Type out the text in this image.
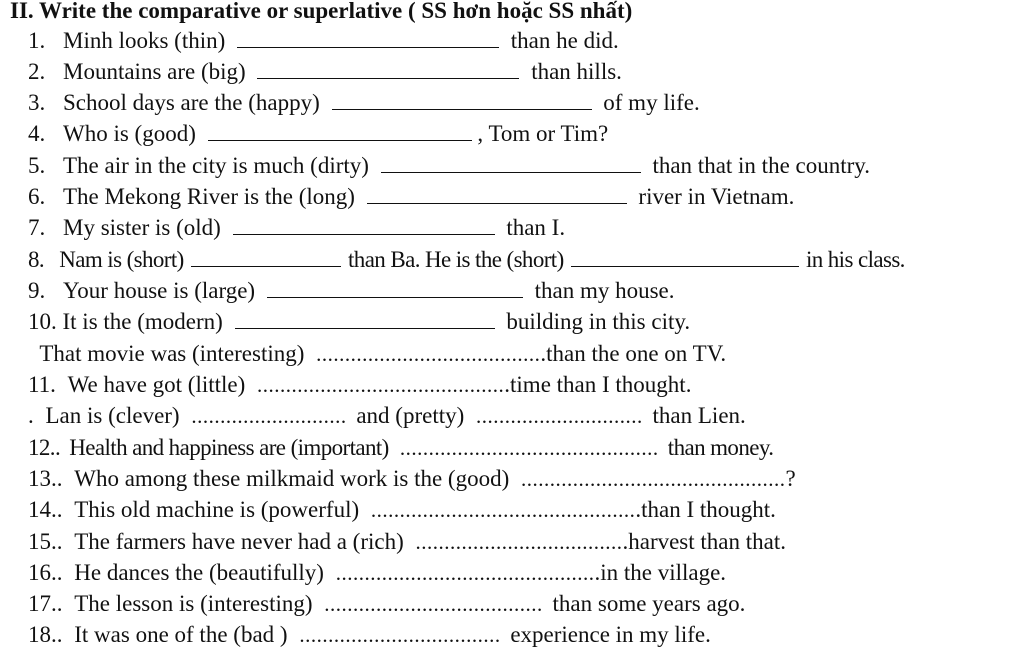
II. Write the comparative or superlative ( SS hơn hoặc SS nhất)
1. Minh looks (thin)	than he did.
2. Mountains are (big)	than hills.
3. School days are the (happy)	of my life.
4. Who is (good)	, Tom or Tim?
5. The air in the city is much (dirty)	than that in the country.
6. The Mekong River is the (long)	river in Vietnam.
7. My sister is (old)	than I.
8. Nam is (short)	than Ba. He is the (short)	in his class.
9. Your house is (large)	than my house.
10. It is the (modern)	building in this city.
That movie was (interesting) ........................................than the one on TV.
11. We have got (little) ............................................time than I thought.
. Lan is (clever) ........................... and (pretty) ............................. than Lien.
12.. Health and happiness are (important) ............................................. than money.
13.. Who among these milkmaid work is the (good) ..............................................?
14.. This old machine is (powerful) ...............................................than I thought.
15.. The farmers have never had a (rich) .....................................harvest than that.
16.. He dances the (beautifully) ..............................................in the village.
17.. The lesson is (interesting) ...................................... than some years ago.
18.. It was one of the (bad ) ................................... experience in my life.
